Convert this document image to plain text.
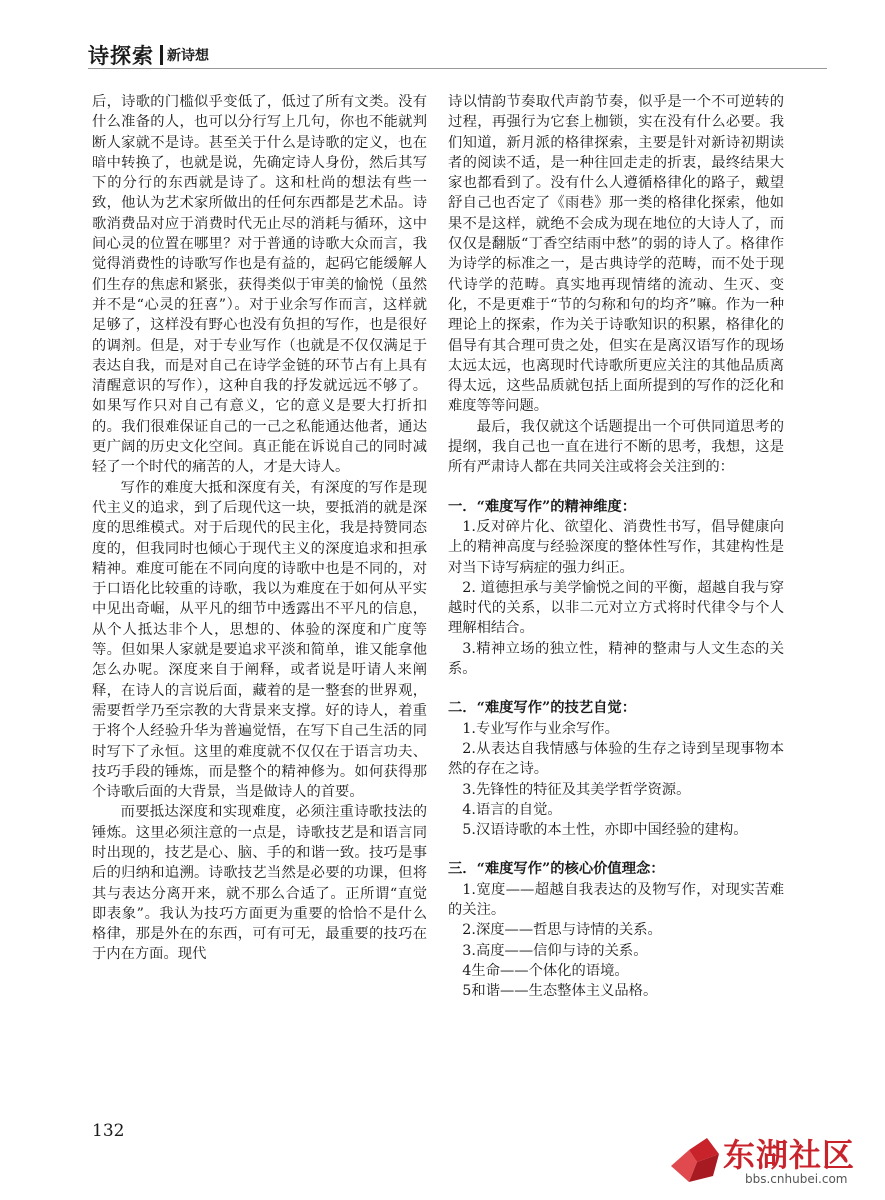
诗探索 新诗想

后，诗歌的门槛似乎变低了，低过了所有文类。没有什么准备的人，也可以分行写上几句，你也不能就判断人家就不是诗。甚至关于什么是诗歌的定义，也在暗中转换了，也就是说，先确定诗人身份，然后其写下的分行的东西就是诗了。这和杜尚的想法有些一致，他认为艺术家所做出的任何东西都是艺术品。诗歌消费品对应于消费时代无止尽的消耗与循环，这中间心灵的位置在哪里？对于普通的诗歌大众而言，我觉得消费性的诗歌写作也是有益的，起码它能缓解人们生存的焦虑和紧张，获得类似于审美的愉悦（虽然并不是“心灵的狂喜”）。对于业余写作而言，这样就足够了，这样没有野心也没有负担的写作，也是很好的调剂。但是，对于专业写作（也就是不仅仅满足于表达自我，而是对自己在诗学金链的环节占有上具有清醒意识的写作），这种自我的抒发就远远不够了。如果写作只对自己有意义，它的意义是要大打折扣的。我们很难保证自己的一己之私能通达他者，通达更广阔的历史文化空间。真正能在诉说自己的同时减轻了一个时代的痛苦的人，才是大诗人。

写作的难度大抵和深度有关，有深度的写作是现代主义的追求，到了后现代这一块，要抵消的就是深度的思维模式。对于后现代的民主化，我是持赞同态度的，但我同时也倾心于现代主义的深度追求和担承精神。难度可能在不同向度的诗歌中也是不同的，对于口语化比较重的诗歌，我以为难度在于如何从平实中见出奇崛，从平凡的细节中透露出不平凡的信息，从个人抵达非个人，思想的、体验的深度和广度等等。但如果人家就是要追求平淡和简单，谁又能拿他怎么办呢。深度来自于阐释，或者说是吁请人来阐释，在诗人的言说后面，藏着的是一整套的世界观，需要哲学乃至宗教的大背景来支撑。好的诗人，着重于将个人经验升华为普遍觉悟，在写下自己生活的同时写下了永恒。这里的难度就不仅仅在于语言功夫、技巧手段的锤炼，而是整个的精神修为。如何获得那个诗歌后面的大背景，当是做诗人的首要。

而要抵达深度和实现难度，必须注重诗歌技法的锤炼。这里必须注意的一点是，诗歌技艺是和语言同时出现的，技艺是心、脑、手的和谐一致。技巧是事后的归纳和追溯。诗歌技艺当然是必要的功课，但将其与表达分离开来，就不那么合适了。正所谓“直觉即表象”。我认为技巧方面更为重要的恰恰不是什么格律，那是外在的东西，可有可无，最重要的技巧在于内在方面。现代

诗以情韵节奏取代声韵节奏，似乎是一个不可逆转的过程，再强行为它套上枷锁，实在没有什么必要。我们知道，新月派的格律探索，主要是针对新诗初期读者的阅读不适，是一种往回走走的折衷，最终结果大家也都看到了。没有什么人遵循格律化的路子，戴望舒自己也否定了《雨巷》那一类的格律化探索，他如果不是这样，就绝不会成为现在地位的大诗人了，而仅仅是翻版“丁香空结雨中愁”的弱的诗人了。格律作为诗学的标准之一，是古典诗学的范畴，而不处于现代诗学的范畴。真实地再现情绪的流动、生灭、变化，不是更难于“节的匀称和句的均齐”嘛。作为一种理论上的探索，作为关于诗歌知识的积累，格律化的倡导有其合理可贵之处，但实在是离汉语写作的现场太远太远，也离现时代诗歌所更应关注的其他品质离得太远，这些品质就包括上面所提到的写作的泛化和难度等等问题。

最后，我仅就这个话题提出一个可供同道思考的提纲，我自己也一直在进行不断的思考，我想，这是所有严肃诗人都在共同关注或将会关注到的：

一．“难度写作”的精神维度：

1.反对碎片化、欲望化、消费性书写，倡导健康向上的精神高度与经验深度的整体性写作，其建构性是对当下诗写病症的强力纠正。

2. 道德担承与美学愉悦之间的平衡，超越自我与穿越时代的关系，以非二元对立方式将时代律令与个人理解相结合。

3.精神立场的独立性，精神的整肃与人文生态的关系。

二．“难度写作”的技艺自觉：

1.专业写作与业余写作。

2.从表达自我情感与体验的生存之诗到呈现事物本然的存在之诗。

3.先锋性的特征及其美学哲学资源。

4.语言的自觉。

5.汉语诗歌的本土性，亦即中国经验的建构。

三．“难度写作”的核心价值理念：

1.宽度——超越自我表达的及物写作，对现实苦难的关注。

2.深度——哲思与诗情的关系。

3.高度——信仰与诗的关系。

4生命——个体化的语境。

5和谐——生态整体主义品格。

132
东湖社区
bbs.cnhubei.com
